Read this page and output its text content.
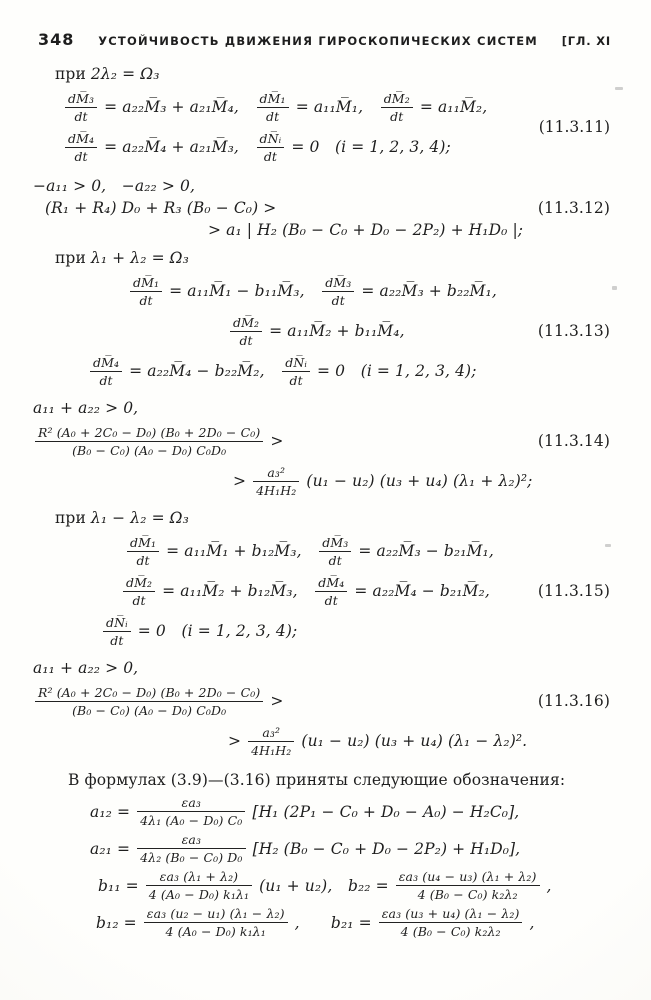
348	УСТОЙЧИВОСТЬ ДВИЖЕНИЯ ГИРОСКОПИЧЕСКИХ СИСТЕМ	[ГЛ. XI
при 2λ₂ = Ω₃
$\frac{\text{dM̅₃}}{dt}$ = a₂₂M̅₃ + a₂₁M̅₄,  $\frac{\text{dM̅₁}}{dt}$ = a₁₁M̅₁,  $\frac{\text{dM̅₂}}{dt}$ = a₁₁M̅₂,
$\frac{\text{dM̅₄}}{dt}$ = a₂₂M̅₄ + a₂₁M̅₃,  $\frac{\text{dN̅ᵢ}}{dt} = 0$ (i = 1, 2, 3, 4);
(11.3.11)
−a₁₁ > 0, −a₂₂ > 0,
(R₁ + R₄) D₀ + R₃ (B₀ − C₀) >	(11.3.12)
> a₁ | H₂ (B₀ − C₀ + D₀ − 2P₂) + H₁D₀ |;
при λ₁ + λ₂ = Ω₃
$\frac{\text{dM̅₁}}{dt}$ = a₁₁M̅₁ − b₁₁M̅₃,  $\frac{\text{dM̅₃}}{dt}$ = a₂₂M̅₃ + b₂₂M̅₁,
$\frac{\text{dM̅₂}}{dt}$ = a₁₁M̅₂ + b₁₁M̅₄,	(11.3.13)
$\frac{\text{dM̅₄}}{dt}$ = a₂₂M̅₄ − b₂₂M̅₂,  $\frac{\text{dN̅ᵢ}}{dt} = 0$ (i = 1, 2, 3, 4);
a₁₁ + a₂₂ > 0,
$\frac{\text{R² (A₀ + 2C₀ − D₀) (B₀ + 2D₀ − C₀)}}{\text{(B₀ − C₀) (A₀ − D₀) C₀D₀}}$ >	(11.3.14)
> $\frac{\text{a₃²}}{\text{4H₁H₂}} (u_1 - u_2) (u_3 + u_4) (\lambda_1 + \lambda_2)^2$;
при λ₁ − λ₂ = Ω₃
$\frac{\text{dM̅₁}}{dt}$ = a₁₁M̅₁ + b₁₂M̅₃,  $\frac{\text{dM̅₃}}{dt}$ = a₂₂M̅₃ − b₂₁M̅₁,
$\frac{\text{dM̅₂}}{dt}$ = a₁₁M̅₂ + b₁₂M̅₃,  $\frac{\text{dM̅₄}}{dt}$ = a₂₂M̅₄ − b₂₁M̅₂,	(11.3.15)
$\frac{\text{dN̅ᵢ}}{dt} = 0$ (i = 1, 2, 3, 4);
a₁₁ + a₂₂ > 0,
$\frac{\text{R² (A₀ + 2C₀ − D₀) (B₀ + 2D₀ − C₀)}}{\text{(B₀ − C₀) (A₀ − D₀) C₀D₀}}$ >	(11.3.16)
> $\frac{\text{a₃²}}{\text{4H₁H₂}} (u_1 - u_2) (u_3 + u_4) (\lambda_1 - \lambda_2)^2$.
В формулах (3.9)—(3.16) приняты следующие обозначения:
$a_{12} = \frac{\text{εa₃}}{\text{4λ₁ (A₀ − D₀) C₀}} [H_1$ (2P₁ − C₀ + D₀ − A₀) − H₂C₀],
$a_{21} = \frac{\text{εa₃}}{\text{4λ₂ (B₀ − C₀) D₀}} [H_2$ (B₀ − C₀ + D₀ − 2P₂) + H₁D₀],
$b_{11} = \frac{\text{εa₃ (λ₁ + λ₂)}}{\text{4 (A₀ − D₀) k₁λ₁}} (u_1 + u_2)$, $b_{22} = \frac{\text{εa₃ (u₄ − u₃) (λ₁ + λ₂)}}{\text{4 (B₀ − C₀) k₂λ₂}}$ ,
$b_{12} = \frac{\text{εa₃ (u₂ − u₁) (λ₁ − λ₂)}}{\text{4 (A₀ − D₀) k₁λ₁}}$ ,   $b_{21} = \frac{\text{εa₃ (u₃ + u₄) (λ₁ − λ₂)}}{\text{4 (B₀ − C₀) k₂λ₂}}$ ,
